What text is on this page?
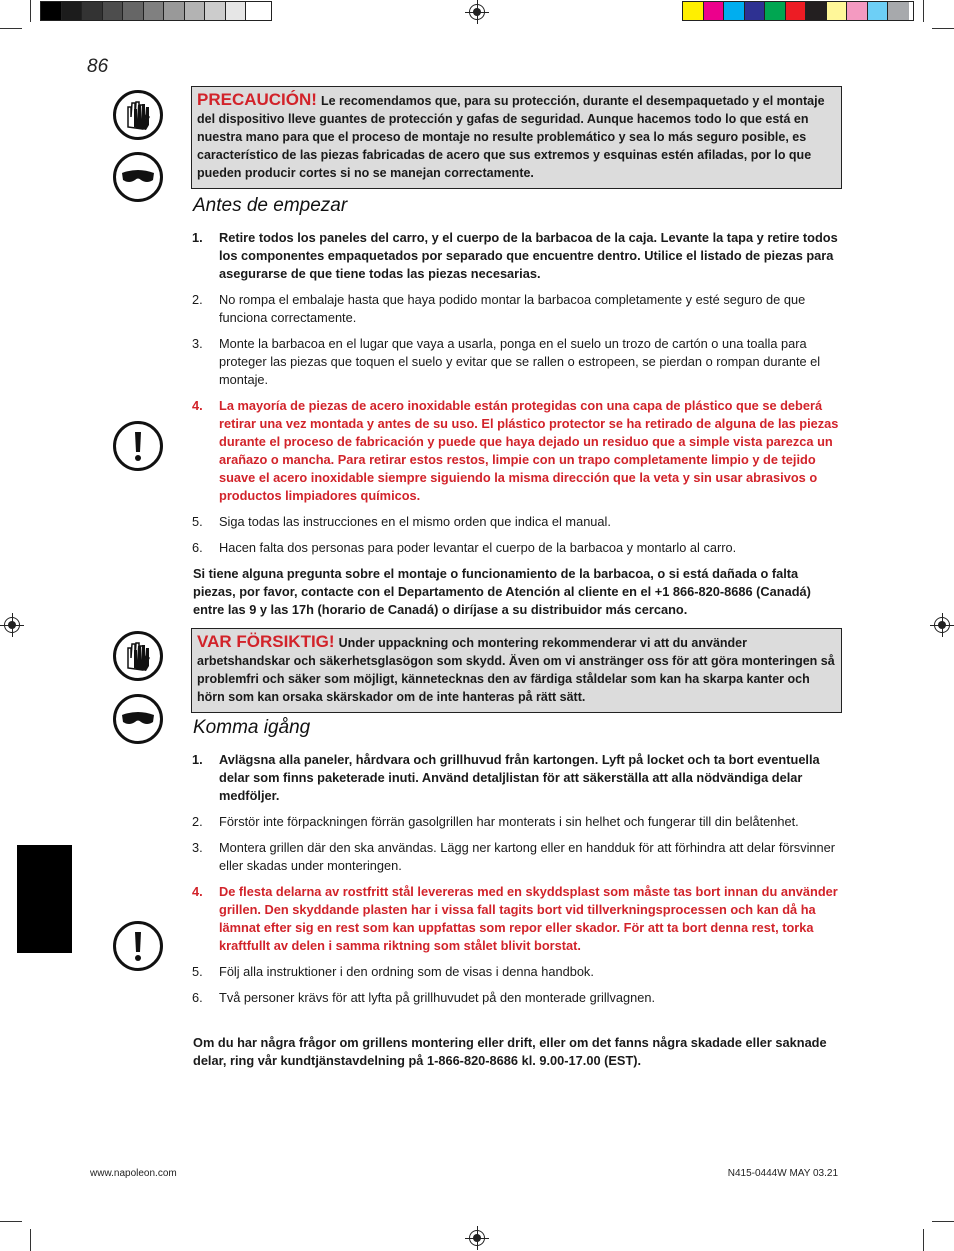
86
PRECAUCIÓN! Le recomendamos que, para su protección, durante el desempaquetado y el montaje del dispositivo lleve guantes de protección y gafas de seguridad. Aunque hacemos todo lo que está en nuestra mano para que el proceso de montaje no resulte problemático y sea lo más seguro posible, es característico de las piezas fabricadas de acero que sus extremos y esquinas estén afiladas, por lo que pueden producir cortes si no se manejan correctamente.
Antes de empezar
1.	Retire todos los paneles del carro, y el cuerpo de la barbacoa de la caja. Levante la tapa y retire todos los componentes empaquetados por separado que encuentre dentro. Utilice el listado de piezas para asegurarse de que tiene todas las piezas necesarias.
2.	No rompa el embalaje hasta que haya podido montar la barbacoa completamente y esté seguro de que funciona correctamente.
3.	Monte la barbacoa en el lugar que vaya a usarla, ponga en el suelo un trozo de cartón o una toalla para proteger las piezas que toquen el suelo y evitar que se rallen o estropeen, se pierdan o rompan durante el montaje.
4.	La mayoría de piezas de acero inoxidable están protegidas con una capa de plástico que se deberá retirar una vez montada y antes de su uso. El plástico protector se ha retirado de alguna de las piezas durante el proceso de fabricación y puede que haya dejado un residuo que a simple vista parezca un arañazo o mancha. Para retirar estos restos, limpie con un trapo completamente limpio y de tejido suave el acero inoxidable siempre siguiendo la misma dirección que la veta y sin usar abrasivos o productos limpiadores químicos.
5.	Siga todas las instrucciones en el mismo orden que indica el manual.
6.	Hacen falta dos personas para poder levantar el cuerpo de la barbacoa y montarlo al carro.
Si tiene alguna pregunta sobre el montaje o funcionamiento de la barbacoa, o si está dañada o falta piezas, por favor, contacte con el Departamento de Atención al cliente en el +1 866-820-8686 (Canadá) entre las 9 y las 17h (horario de Canadá) o diríjase a su distribuidor más cercano.
VAR FÖRSIKTIG! Under uppackning och montering rekommenderar vi att du använder arbetshandskar och säkerhetsglasögon som skydd. Även om vi anstränger oss för att göra monteringen så problemfri och säker som möjligt, kännetecknas den av färdiga ståldelar som kan ha skarpa kanter och hörn som kan orsaka skärskador om de inte hanteras på rätt sätt.
Komma igång
1.	Avlägsna alla paneler, hårdvara och grillhuvud från kartongen. Lyft på locket och ta bort eventuella delar som finns paketerade inuti. Använd detaljlistan för att säkerställa att alla nödvändiga delar medföljer.
2.	Förstör inte förpackningen förrän gasolgrillen har monterats i sin helhet och fungerar till din belåtenhet.
3.	Montera grillen där den ska användas. Lägg ner kartong eller en handduk för att förhindra att delar försvinner eller skadas under monteringen.
4.	De flesta delarna av rostfritt stål levereras med en skyddsplast som måste tas bort innan du använder grillen. Den skyddande plasten har i vissa fall tagits bort vid tillverkningsprocessen och kan då ha lämnat efter sig en rest som kan uppfattas som repor eller skador. För att ta bort denna rest, torka kraftfullt av delen i samma riktning som stålet blivit borstat.
5.	Följ alla instruktioner i den ordning som de visas i denna handbok.
6.	Två personer krävs för att lyfta på grillhuvudet på den monterade grillvagnen.
Om du har några frågor om grillens montering eller drift, eller om det fanns några skadade eller saknade delar, ring vår kundtjänstavdelning på 1-866-820-8686 kl. 9.00-17.00 (EST).
www.napoleon.com	N415-0444W MAY 03.21
